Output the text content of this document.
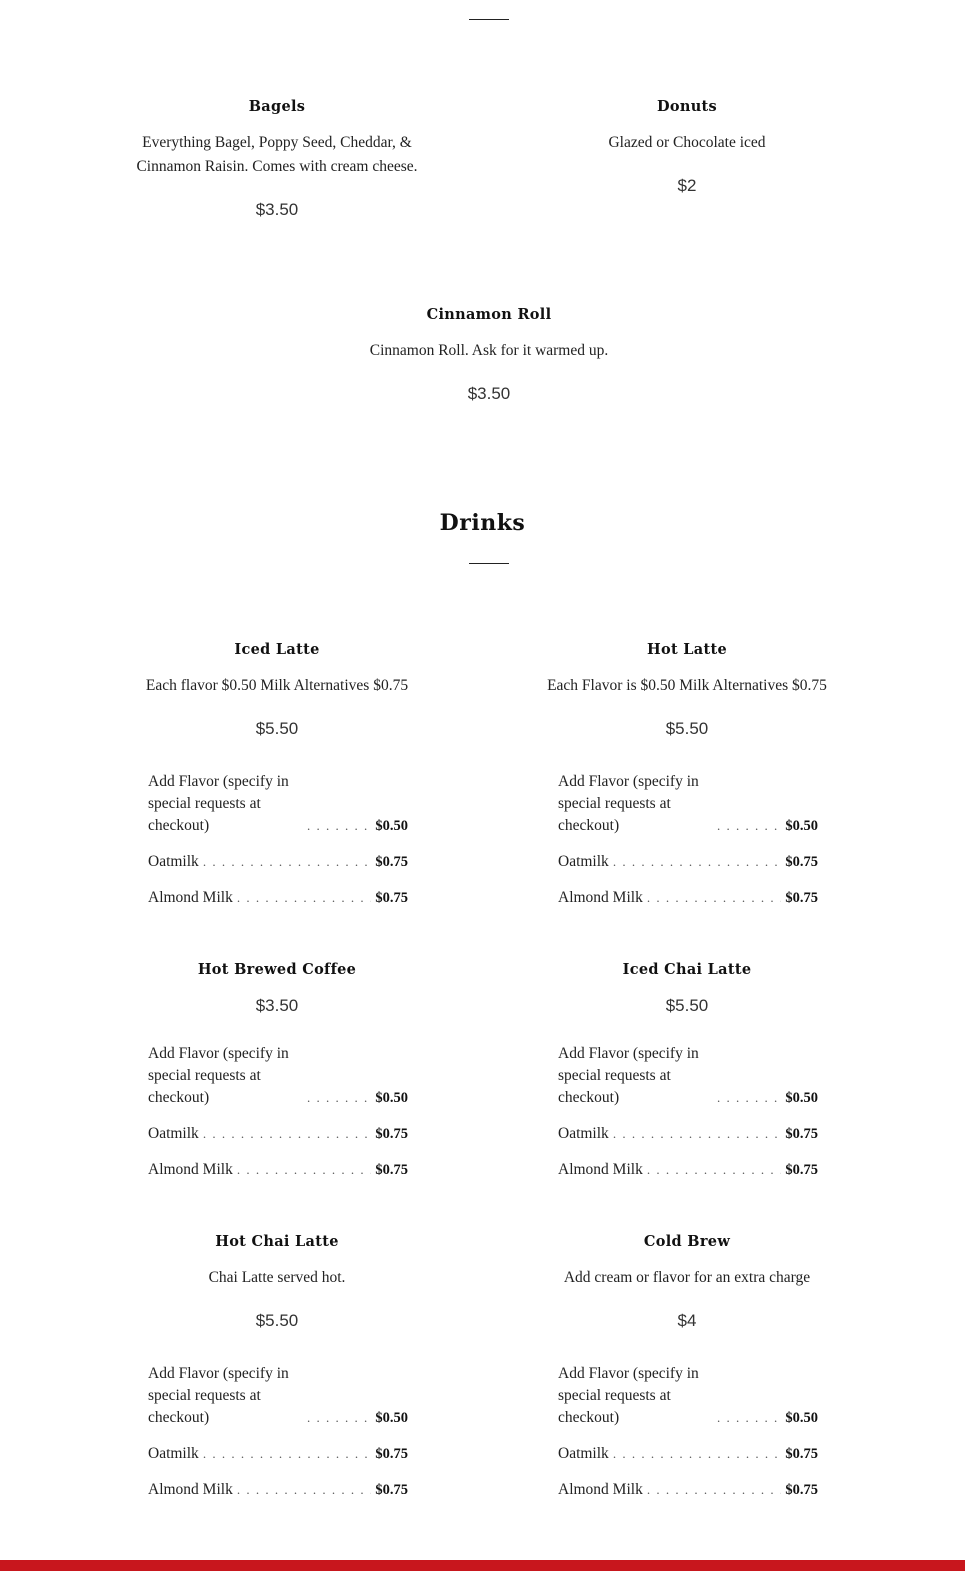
Bagels
Everything Bagel, Poppy Seed, Cheddar, & Cinnamon Raisin. Comes with cream cheese.
$3.50
Donuts
Glazed or Chocolate iced
$2
Cinnamon Roll
Cinnamon Roll. Ask for it warmed up.
$3.50
Drinks
Iced Latte
Each flavor $0.50 Milk Alternatives $0.75
$5.50
Add Flavor (specify in special requests at checkout) . . .	$0.50
Oatmilk . . .	$0.75
Almond Milk . . .	$0.75
Hot Latte
Each Flavor is $0.50 Milk Alternatives $0.75
$5.50
Add Flavor (specify in special requests at checkout) . . .	$0.50
Oatmilk . . .	$0.75
Almond Milk . . .	$0.75
Hot Brewed Coffee
$3.50
Add Flavor (specify in special requests at checkout) . . .	$0.50
Oatmilk . . .	$0.75
Almond Milk . . .	$0.75
Iced Chai Latte
$5.50
Add Flavor (specify in special requests at checkout) . . .	$0.50
Oatmilk . . .	$0.75
Almond Milk . . .	$0.75
Hot Chai Latte
Chai Latte served hot.
$5.50
Add Flavor (specify in special requests at checkout) . . .	$0.50
Oatmilk . . .	$0.75
Almond Milk . . .	$0.75
Cold Brew
Add cream or flavor for an extra charge
$4
Add Flavor (specify in special requests at checkout) . . .	$0.50
Oatmilk . . .	$0.75
Almond Milk . . .	$0.75
